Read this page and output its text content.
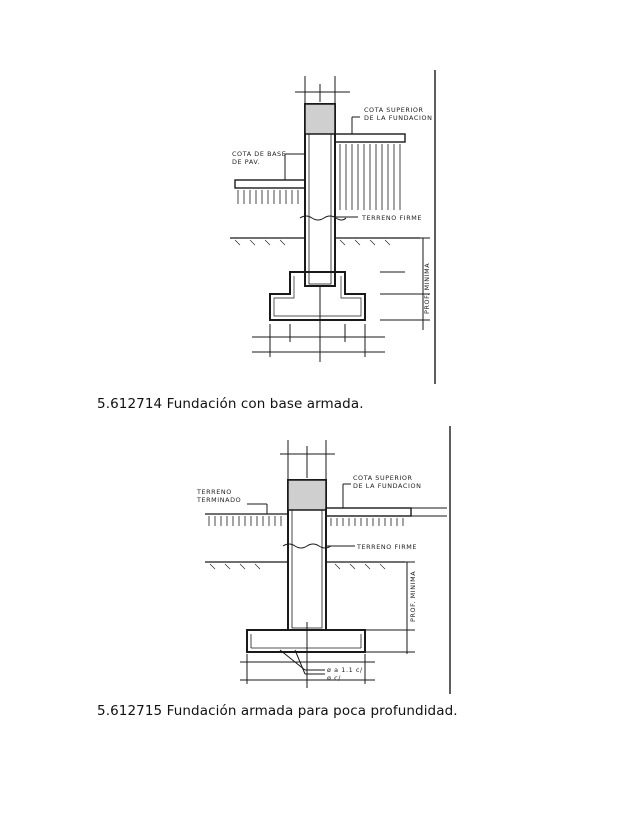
COTA SUPERIOR
DE LA FUNDACION
COTA DE BASE
DE PAV.
TERRENO FIRME
PROF. MINIMA
5.612714 Fundación con base armada.
COTA SUPERIOR
DE LA FUNDACION
TERRENO
TERMINADO
TERRENO FIRME
PROF. MINIMA
ø a 1.1 c/
ø c/
5.612715 Fundación armada para poca profundidad.
